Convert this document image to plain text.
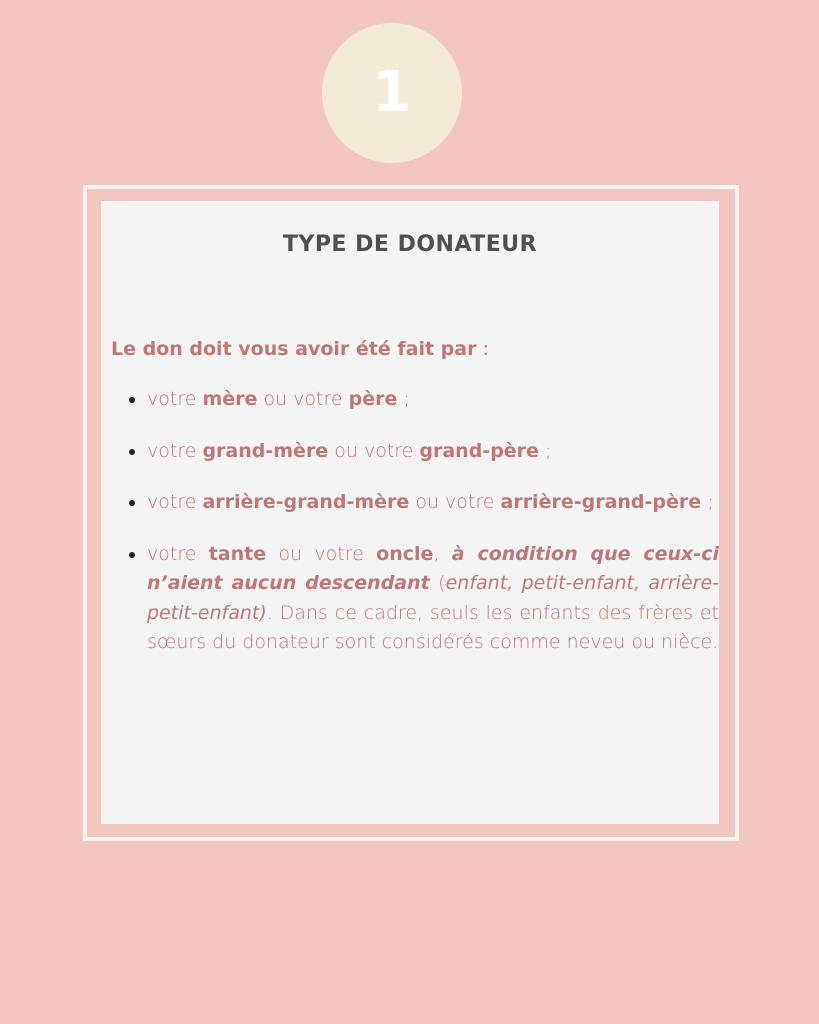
1
TYPE DE DONATEUR
Le don doit vous avoir été fait par :
votre mère ou votre père ;
votre grand-mère ou votre grand-père ;
votre arrière-grand-mère ou votre arrière-grand-père ;
votre tante ou votre oncle, à condition que ceux-ci n’aient aucun descendant (enfant, petit-enfant, arrière-petit-enfant). Dans ce cadre, seuls les enfants des frères et sœurs du donateur sont considérés comme neveu ou nièce.
